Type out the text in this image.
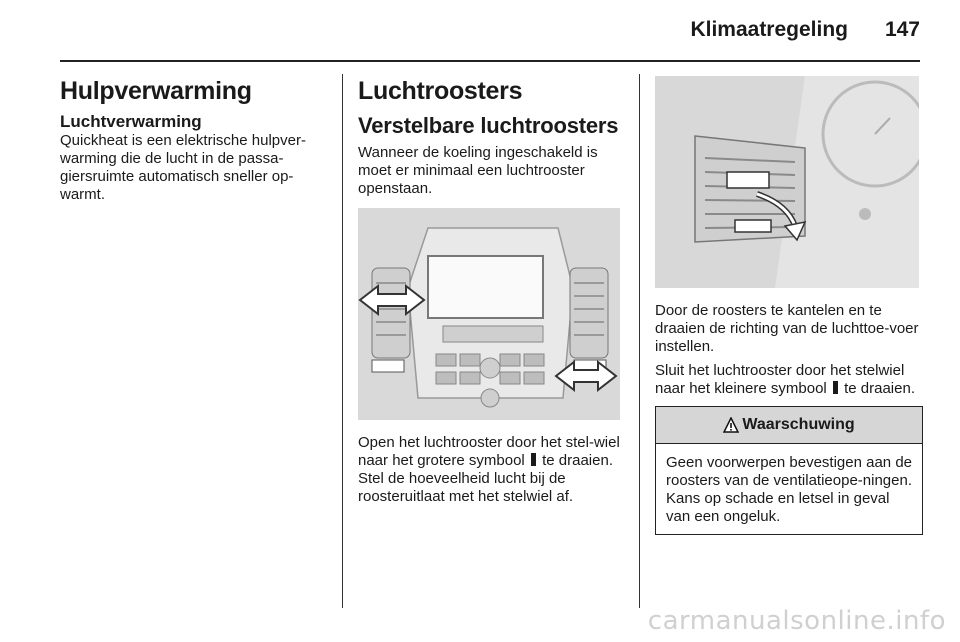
Klimaatregeling 147
Hulpverwarming
Luchtverwarming

Quickheat is een elektrische hulpver-warming die de lucht in de passa-giersruimte automatisch sneller op-warmt.

Luchtroosters
Verstelbare luchtroosters

Wanneer de koeling ingeschakeld is moet er minimaal een luchtrooster openstaan.

Open het luchtrooster door het stel-wiel naar het grotere symbool te draaien. Stel de hoeveelheid lucht bij de roosteruitlaat met het stelwiel af.

Door de roosters te kantelen en te draaien de richting van de luchttoe-voer instellen.

Sluit het luchtrooster door het stelwiel naar het kleinere symbool te draaien.

Waarschuwing
Geen voorwerpen bevestigen aan de roosters van de ventilatieope-ningen. Kans op schade en letsel in geval van een ongeluk.
carmanualsonline.info
